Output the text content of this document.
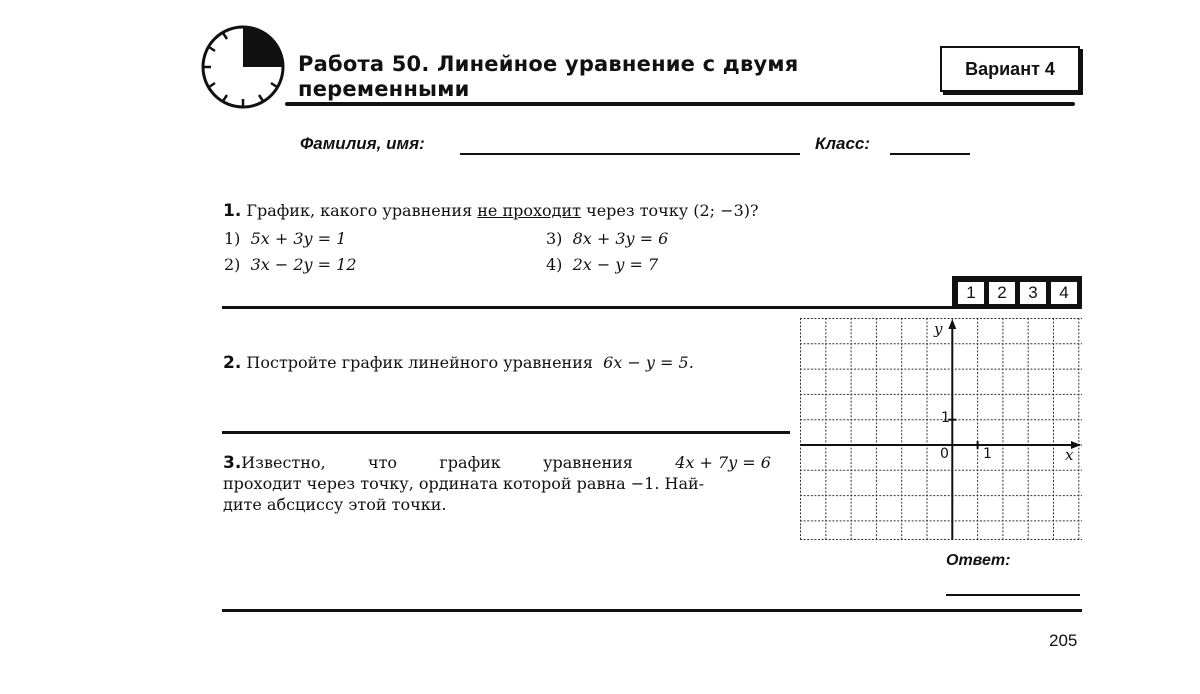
Работа 50. Линейное уравнение с двумя
переменными
Вариант 4
Фамилия, имя:	Класс:
1. График, какого уравнения не проходит через точку (2; −3)?
1) 5x + 3y = 1
2) 3x − 2y = 12
3) 8x + 3y = 6
4) 2x − y = 7
1	2	3	4
2. Постройте график линейного уравнения 6x − y = 5.
3.Известно,	что	график	уравнения	4x + 7y = 6
проходит через точку, ордината которой равна −1. Най-
дите абсциссу этой точки.
y
x
0 1
1
Ответ:
205
